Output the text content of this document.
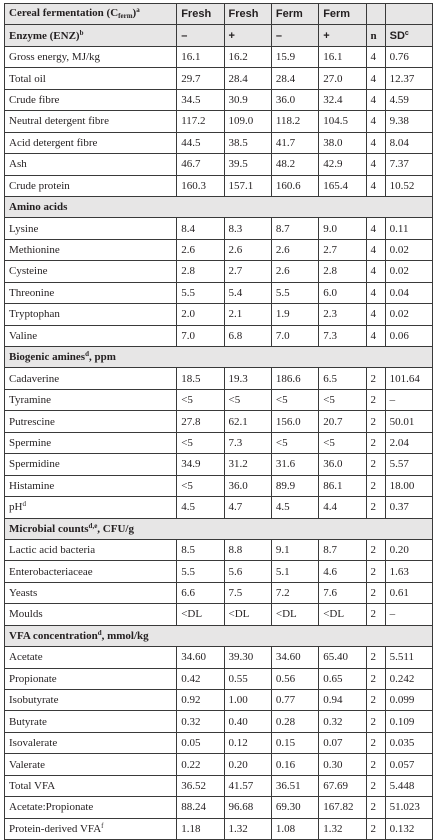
Cereal fermentation $(C_{ferm})^a$	Fresh	Fresh	Ferm	Ferm		
Enzyme (ENZ)$^b$	–	+	–	+	n	$SD^c$
Gross energy, MJ/kg	16.1	16.2	15.9	16.1	4	0.76
Total oil	29.7	28.4	28.4	27.0	4	12.37
Crude fibre	34.5	30.9	36.0	32.4	4	4.59
Neutral detergent fibre	117.2	109.0	118.2	104.5	4	9.38
Acid detergent fibre	44.5	38.5	41.7	38.0	4	8.04
Ash	46.7	39.5	48.2	42.9	4	7.37
Crude protein	160.3	157.1	160.6	165.4	4	10.52
Amino acids						
Lysine	8.4	8.3	8.7	9.0	4	0.11
Methionine	2.6	2.6	2.6	2.7	4	0.02
Cysteine	2.8	2.7	2.6	2.8	4	0.02
Threonine	5.5	5.4	5.5	6.0	4	0.04
Tryptophan	2.0	2.1	1.9	2.3	4	0.02
Valine	7.0	6.8	7.0	7.3	4	0.06
Biogenic amines$^d$, ppm						
Cadaverine	18.5	19.3	186.6	6.5	2	101.64
Tyramine	<5	<5	<5	<5	2	–
Putrescine	27.8	62.1	156.0	20.7	2	50.01
Spermine	<5	7.3	<5	<5	2	2.04
Spermidine	34.9	31.2	31.6	36.0	2	5.57
Histamine	<5	36.0	89.9	86.1	2	18.00
$pH^d$	4.5	4.7	4.5	4.4	2	0.37
Microbial counts$^{d,e}$, CFU/g						
Lactic acid bacteria	8.5	8.8	9.1	8.7	2	0.20
Enterobacteriaceae	5.5	5.6	5.1	4.6	2	1.63
Yeasts	6.6	7.5	7.2	7.6	2	0.61
Moulds	<DL	<DL	<DL	<DL	2	–
VFA concentration$^d$, mmol/kg						
Acetate	34.60	39.30	34.60	65.40	2	5.511
Propionate	0.42	0.55	0.56	0.65	2	0.242
Isobutyrate	0.92	1.00	0.77	0.94	2	0.099
Butyrate	0.32	0.40	0.28	0.32	2	0.109
Isovalerate	0.05	0.12	0.15	0.07	2	0.035
Valerate	0.22	0.20	0.16	0.30	2	0.057
Total VFA	36.52	41.57	36.51	67.69	2	5.448
Acetate:Propionate	88.24	96.68	69.30	167.82	2	51.023
Protein-derived VFA$^f$	1.18	1.32	1.08	1.32	2	0.132
